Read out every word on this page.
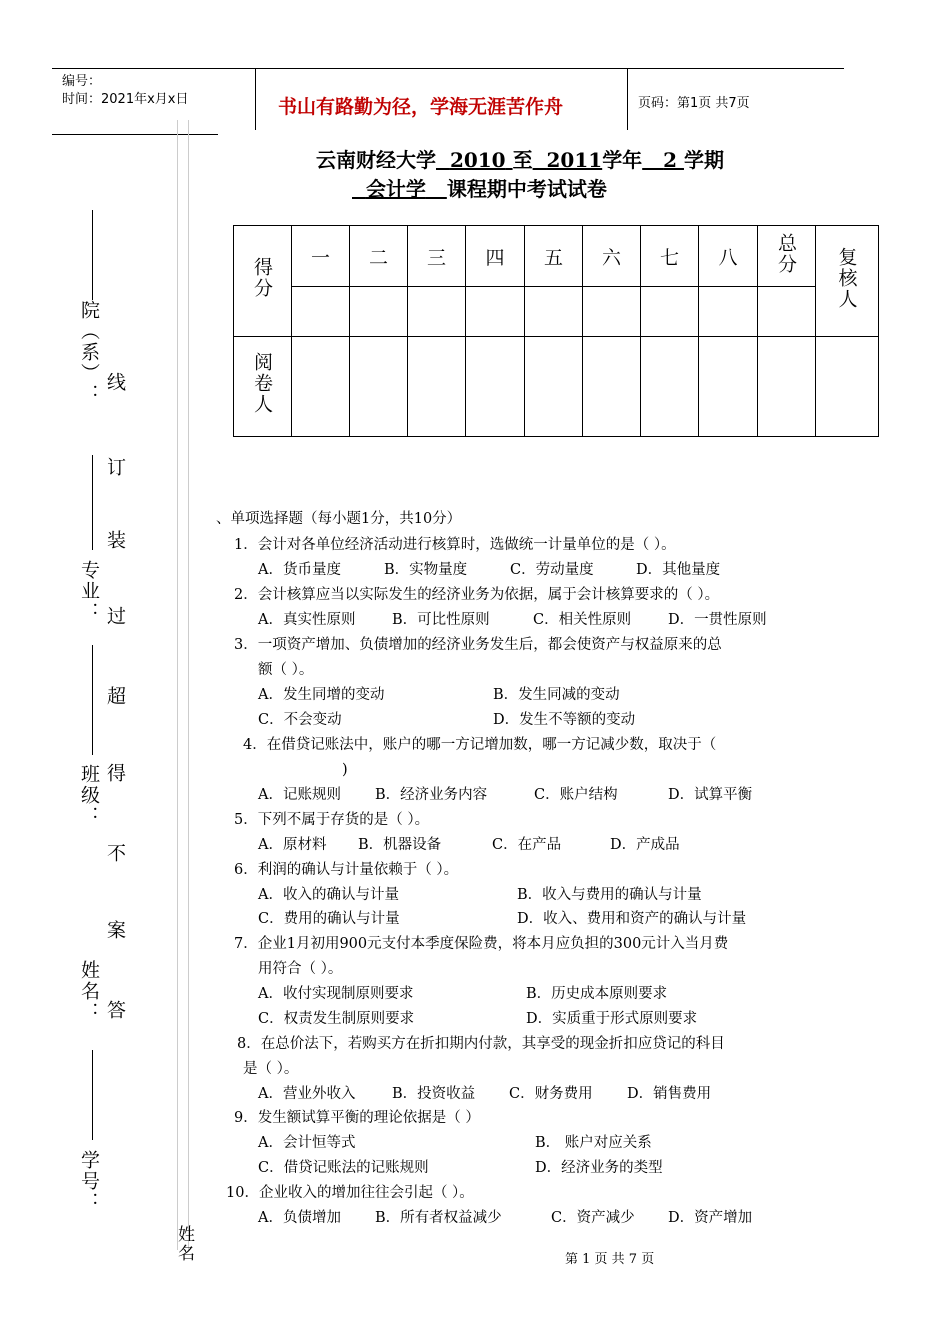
编号：
时间：2021年x月x日	书山有路勤为径，学海无涯苦作舟	页码：第1页 共7页
云南财经大学 2010 至 2011学年 2 学期
会计学 课程期中考试试卷
得分	一	二	三	四	五	六	七	八	总分	复核人

阅卷人										
院（系）：
专业：
班级：
姓名：
学号：
线
订
装
过
超
得
不
案
答
姓名
、单项选择题（每小题1分，共10分）
1．会计对各单位经济活动进行核算时，选做统一计量单位的是（ ）。
A．货币量度	B．实物量度	C．劳动量度	D．其他量度
2．会计核算应当以实际发生的经济业务为依据，属于会计核算要求的（ ）。
A．真实性原则	B．可比性原则	C．相关性原则	D．一贯性原则
3．一项资产增加、负债增加的经济业务发生后，都会使资产与权益原来的总
额（ ）。
A．发生同增的变动	B．发生同减的变动
C．不会变动	D．发生不等额的变动
4．在借贷记账法中，账户的哪一方记增加数，哪一方记减少数，取决于（
)
A．记账规则 B．经济业务内容	C．账户结构	D．试算平衡
5．下列不属于存货的是（ ）。
A．原材料 B．机器设备	C．在产品	D．产成品
6．利润的确认与计量依赖于（ ）。
A．收入的确认与计量	B．收入与费用的确认与计量
C．费用的确认与计量	D．收入、费用和资产的确认与计量
7．企业1月初用900元支付本季度保险费，将本月应负担的300元计入当月费
用符合（ ）。
A．收付实现制原则要求	B．历史成本原则要求
C．权责发生制原则要求	D．实质重于形式原则要求
8．在总价法下，若购买方在折扣期内付款，其享受的现金折扣应贷记的科目
是（ ）。
A．营业外收入	B．投资收益 C．财务费用 D．销售费用
9．发生额试算平衡的理论依据是（ ）
A．会计恒等式	B． 账户对应关系
C．借贷记账法的记账规则	D．经济业务的类型
10．企业收入的增加往往会引起（ ）。
A．负债增加 B．所有者权益减少	C．资产减少 D．资产增加
第 1 页 共 7 页
